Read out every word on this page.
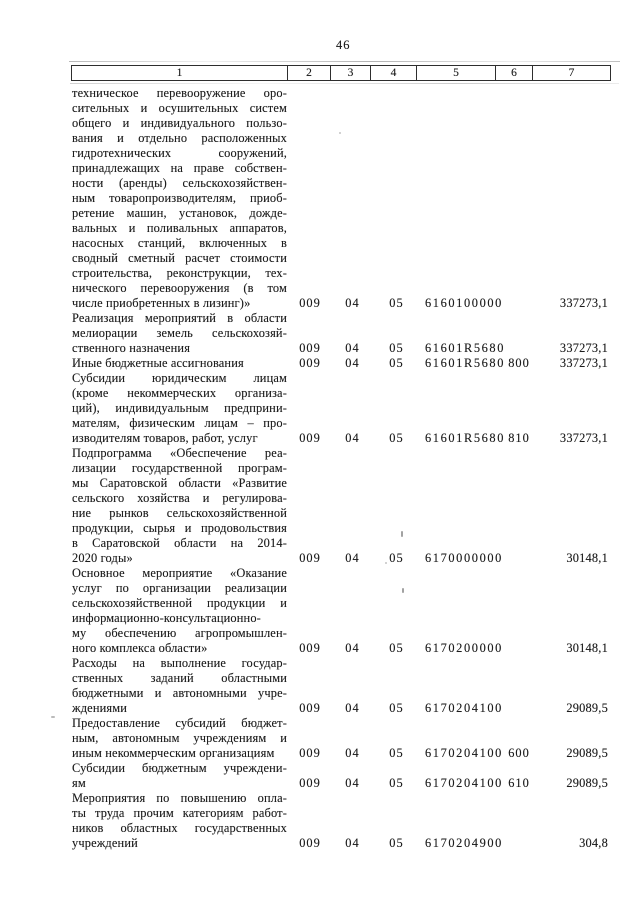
46
1	2	3	4	5	6	7
техническое перевооружение оро-
сительных и осушительных систем
общего и индивидуального пользо-
вания и отдельно расположенных
гидротехнических сооружений,
принадлежащих на праве собствен-
ности (аренды) сельскохозяйствен-
ным товаропроизводителям, приоб-
ретение машин, установок, дожде-
вальных и поливальных аппаратов,
насосных станций, включенных в
сводный сметный расчет стоимости
строительства, реконструкции, тех-
нического перевооружения (в том
числе приобретенных в лизинг)»	009	04	05	6160100000	337273,1
Реализация мероприятий в области
мелиорации земель сельскохозяй-
ственного назначения	009	04	05	61601R5680	337273,1
Иные бюджетные ассигнования	009	04	05	61601R5680 800	337273,1
Субсидии юридическим лицам
(кроме некоммерческих организа-
ций), индивидуальным предприни-
мателям, физическим лицам – про-
изводителям товаров, работ, услуг	009	04	05	61601R5680 810	337273,1
Подпрограмма «Обеспечение реа-
лизации государственной програм-
мы Саратовской области «Развитие
сельского хозяйства и регулирова-
ние рынков сельскохозяйственной
продукции, сырья и продовольствия
в Саратовской области на 2014-
2020 годы»	009	04	05	6170000000	30148,1
Основное мероприятие «Оказание
услуг по организации реализации
сельскохозяйственной продукции и
информационно-консультационно-
му обеспечению агропромышлен-
ного комплекса области»	009	04	05	6170200000	30148,1
Расходы на выполнение государ-
ственных заданий областными
бюджетными и автономными учре-
ждениями	009	04	05	6170204100	29089,5
Предоставление субсидий бюджет-
ным, автономным учреждениям и
иным некоммерческим организациям	009	04	05	6170204100 600	29089,5
Субсидии бюджетным учреждени-
ям	009	04	05	6170204100 610	29089,5
Мероприятия по повышению опла-
ты труда прочим категориям работ-
ников областных государственных
учреждений	009	04	05	6170204900	304,8
